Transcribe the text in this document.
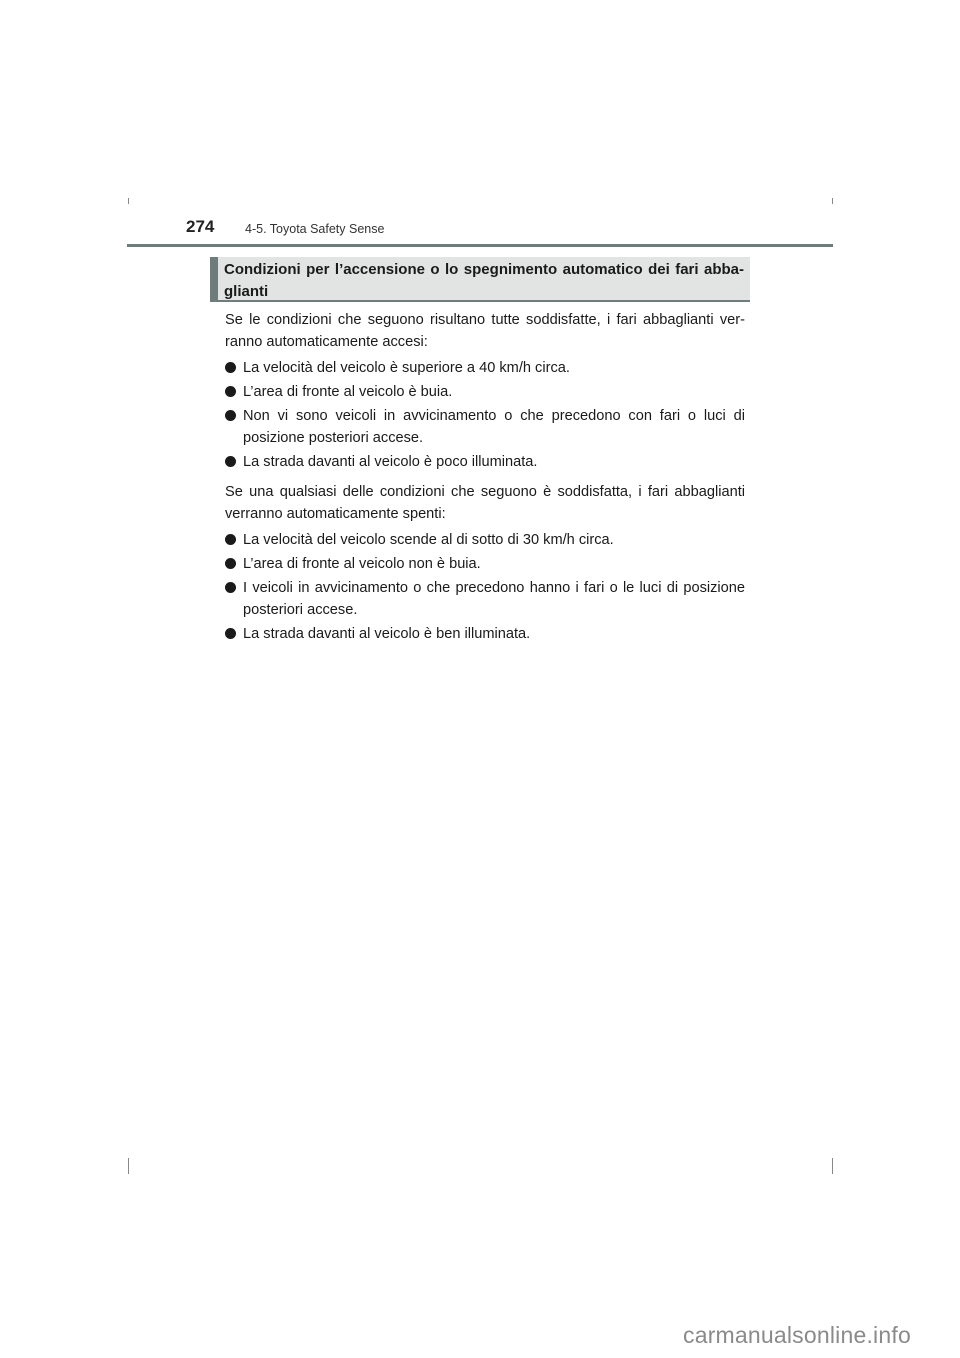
274 4-5. Toyota Safety Sense
Condizioni per l’accensione o lo spegnimento automatico dei fari abba-glianti

Se le condizioni che seguono risultano tutte soddisfatte, i fari abbaglianti ver-ranno automaticamente accesi:

La velocità del veicolo è superiore a 40 km/h circa.
L’area di fronte al veicolo è buia.
Non vi sono veicoli in avvicinamento o che precedono con fari o luci di posizione posteriori accese.
La strada davanti al veicolo è poco illuminata.

Se una qualsiasi delle condizioni che seguono è soddisfatta, i fari abbaglianti verranno automaticamente spenti:

La velocità del veicolo scende al di sotto di 30 km/h circa.
L’area di fronte al veicolo non è buia.
I veicoli in avvicinamento o che precedono hanno i fari o le luci di posizione posteriori accese.
La strada davanti al veicolo è ben illuminata.
carmanualsonline.info
